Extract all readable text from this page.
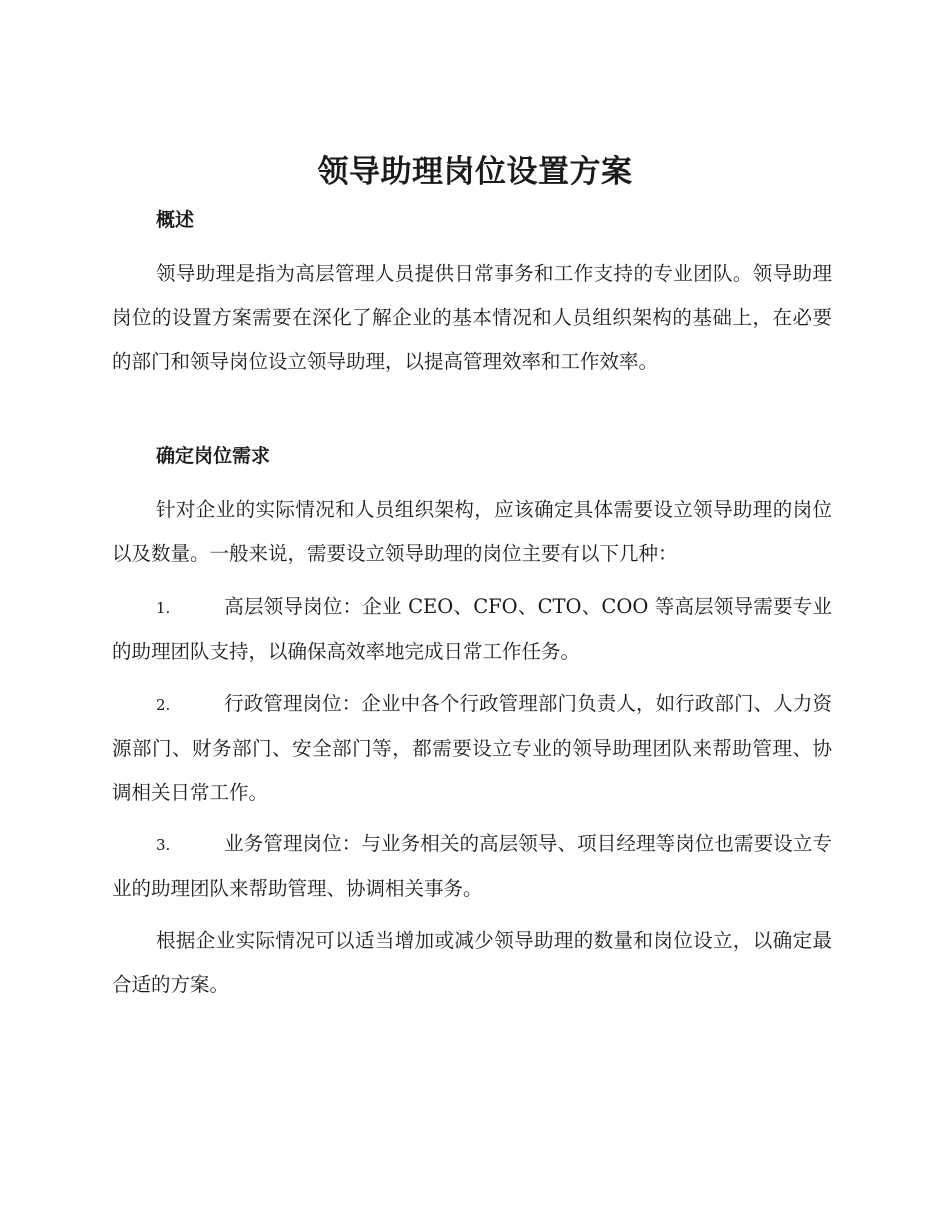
领导助理岗位设置方案
概述

领导助理是指为高层管理人员提供日常事务和工作支持的专业团队。领导助理岗位的设置方案需要在深化了解企业的基本情况和人员组织架构的基础上，在必要的部门和领导岗位设立领导助理，以提高管理效率和工作效率。

确定岗位需求

针对企业的实际情况和人员组织架构，应该确定具体需要设立领导助理的岗位以及数量。一般来说，需要设立领导助理的岗位主要有以下几种：

1.	高层领导岗位：企业 CEO、CFO、CTO、COO 等高层领导需要专业的助理团队支持，以确保高效率地完成日常工作任务。

2.	行政管理岗位：企业中各个行政管理部门负责人，如行政部门、人力资源部门、财务部门、安全部门等，都需要设立专业的领导助理团队来帮助管理、协调相关日常工作。

3.	业务管理岗位：与业务相关的高层领导、项目经理等岗位也需要设立专业的助理团队来帮助管理、协调相关事务。

根据企业实际情况可以适当增加或减少领导助理的数量和岗位设立，以确定最合适的方案。
